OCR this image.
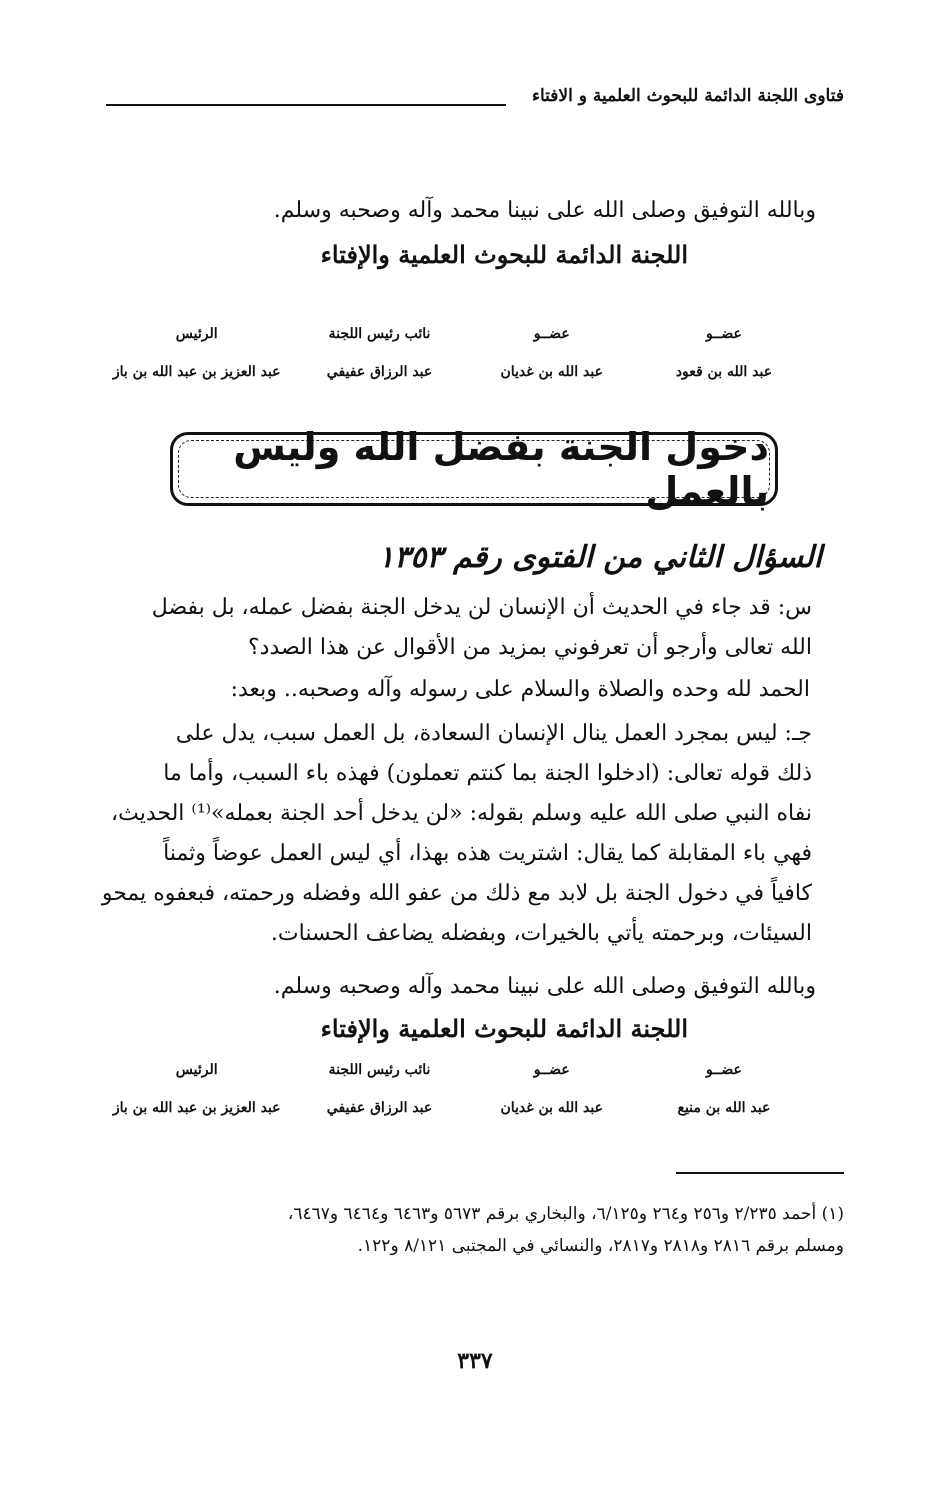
فتاوى اللجنة الدائمة للبحوث العلمية و الافتاء
وبالله التوفيق وصلى الله على نبينا محمد وآله وصحبه وسلم.
اللجنة الدائمة للبحوث العلمية والإفتاء
عضــو
عبد الله بن قعود
عضــو
عبد الله بن غديان
نائب رئيس اللجنة
عبد الرزاق عفيفي
الرئيس
عبد العزيز بن عبد الله بن باز
دخول الجنة بفضل الله وليس بالعمل
السؤال الثاني من الفتوى رقم ١٣٥٣
س: قد جاء في الحديث أن الإنسان لن يدخل الجنة بفضل عمله، بل بفضل
الله تعالى وأرجو أن تعرفوني بمزيد من الأقوال عن هذا الصدد؟
الحمد لله وحده والصلاة والسلام على رسوله وآله وصحبه.. وبعد:
جـ: ليس بمجرد العمل ينال الإنسان السعادة، بل العمل سبب، يدل على
ذلك قوله تعالى: (ادخلوا الجنة بما كنتم تعملون) فهذه باء السبب، وأما ما
نفاه النبي صلى الله عليه وسلم بقوله: «لن يدخل أحد الجنة بعمله»⁽¹⁾ الحديث،
فهي باء المقابلة كما يقال: اشتريت هذه بهذا، أي ليس العمل عوضاً وثمناً
كافياً في دخول الجنة بل لابد مع ذلك من عفو الله وفضله ورحمته، فبعفوه يمحو
السيئات، وبرحمته يأتي بالخيرات، وبفضله يضاعف الحسنات.
وبالله التوفيق وصلى الله على نبينا محمد وآله وصحبه وسلم.
اللجنة الدائمة للبحوث العلمية والإفتاء
عضــو
عبد الله بن منيع
عضــو
عبد الله بن غديان
نائب رئيس اللجنة
عبد الرزاق عفيفي
الرئيس
عبد العزيز بن عبد الله بن باز
(١) أحمد ٢/٢٣٥ و٢٥٦ و٢٦٤ و٦/١٢٥، والبخاري برقم ٥٦٧٣ و٦٤٦٣ و٦٤٦٤ و٦٤٦٧،
ومسلم برقم ٢٨١٦ و٢٨١٨ و٢٨١٧، والنسائي في المجتبى ٨/١٢١ و١٢٢.
٣٣٧
